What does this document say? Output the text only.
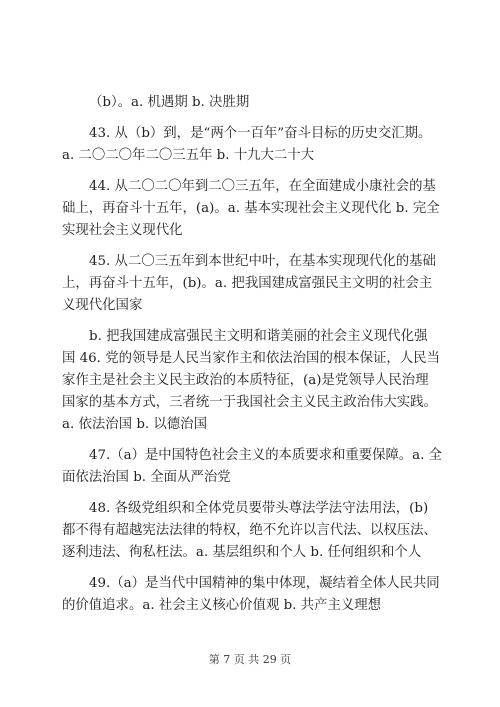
（b）。a. 机遇期 b. 决胜期
43. 从（b）到，是“两个一百年”奋斗目标的历史交汇期。
a. 二〇二〇年二〇三五年 b. 十九大二十大
44. 从二〇二〇年到二〇三五年，在全面建成小康社会的基
础上，再奋斗十五年，(a)。a. 基本实现社会主义现代化 b. 完全
实现社会主义现代化
45. 从二〇三五年到本世纪中叶，在基本实现现代化的基础
上，再奋斗十五年，(b)。a. 把我国建成富强民主文明的社会主
义现代化国家
b. 把我国建成富强民主文明和谐美丽的社会主义现代化强
国 46. 党的领导是人民当家作主和依法治国的根本保证，人民当
家作主是社会主义民主政治的本质特征，(a)是党领导人民治理
国家的基本方式，三者统一于我国社会主义民主政治伟大实践。
a. 依法治国 b. 以德治国
47.（a）是中国特色社会主义的本质要求和重要保障。a. 全
面依法治国 b. 全面从严治党
48. 各级党组织和全体党员要带头尊法学法守法用法，(b)
都不得有超越宪法法律的特权，绝不允许以言代法、以权压法、
逐利违法、徇私枉法。a. 基层组织和个人 b. 任何组织和个人
49.（a）是当代中国精神的集中体现，凝结着全体人民共同
的价值追求。a. 社会主义核心价值观 b. 共产主义理想
第 7 页 共 29 页
